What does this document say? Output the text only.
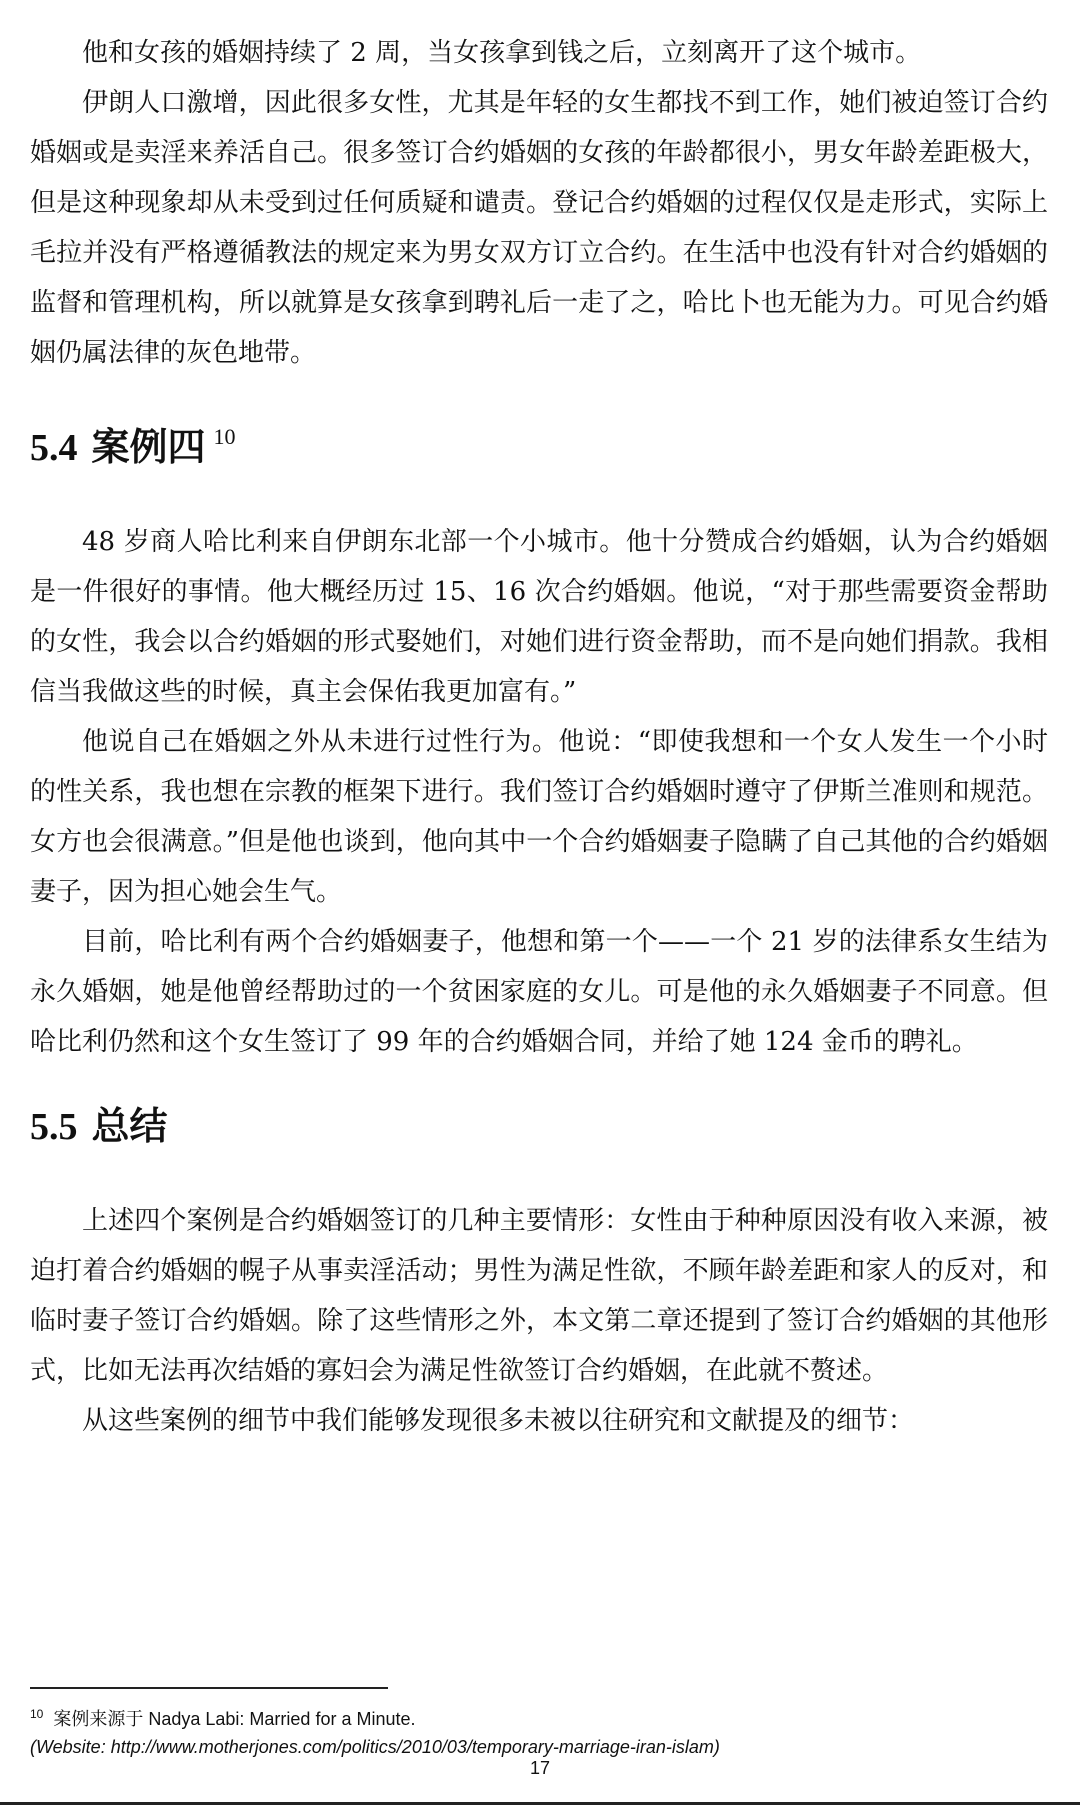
他和女孩的婚姻持续了 2 周，当女孩拿到钱之后，立刻离开了这个城市。

伊朗人口激增，因此很多女性，尤其是年轻的女生都找不到工作，她们被迫签订合约婚姻或是卖淫来养活自己。很多签订合约婚姻的女孩的年龄都很小，男女年龄差距极大，但是这种现象却从未受到过任何质疑和谴责。登记合约婚姻的过程仅仅是走形式，实际上毛拉并没有严格遵循教法的规定来为男女双方订立合约。在生活中也没有针对合约婚姻的监督和管理机构，所以就算是女孩拿到聘礼后一走了之，哈比卜也无能为力。可见合约婚姻仍属法律的灰色地带。

5.4 案例四 $^{10}$

48 岁商人哈比利来自伊朗东北部一个小城市。他十分赞成合约婚姻，认为合约婚姻是一件很好的事情。他大概经历过 15、16 次合约婚姻。他说，“对于那些需要资金帮助的女性，我会以合约婚姻的形式娶她们，对她们进行资金帮助，而不是向她们捐款。我相信当我做这些的时候，真主会保佑我更加富有。”

他说自己在婚姻之外从未进行过性行为。他说：“即使我想和一个女人发生一个小时的性关系，我也想在宗教的框架下进行。我们签订合约婚姻时遵守了伊斯兰准则和规范。女方也会很满意。”但是他也谈到，他向其中一个合约婚姻妻子隐瞒了自己其他的合约婚姻妻子，因为担心她会生气。

目前，哈比利有两个合约婚姻妻子，他想和第一个——一个 21 岁的法律系女生结为永久婚姻，她是他曾经帮助过的一个贫困家庭的女儿。可是他的永久婚姻妻子不同意。但哈比利仍然和这个女生签订了 99 年的合约婚姻合同，并给了她 124 金币的聘礼。

5.5 总结

上述四个案例是合约婚姻签订的几种主要情形：女性由于种种原因没有收入来源，被迫打着合约婚姻的幌子从事卖淫活动；男性为满足性欲，不顾年龄差距和家人的反对，和临时妻子签订合约婚姻。除了这些情形之外，本文第二章还提到了签订合约婚姻的其他形式，比如无法再次结婚的寡妇会为满足性欲签订合约婚姻，在此就不赘述。

从这些案例的细节中我们能够发现很多未被以往研究和文献提及的细节：

$^{10}$ 案例来源于 Nadya Labi: Married for a Minute.
(Website: http://www.motherjones.com/politics/2010/03/temporary-marriage-iran-islam)
17
